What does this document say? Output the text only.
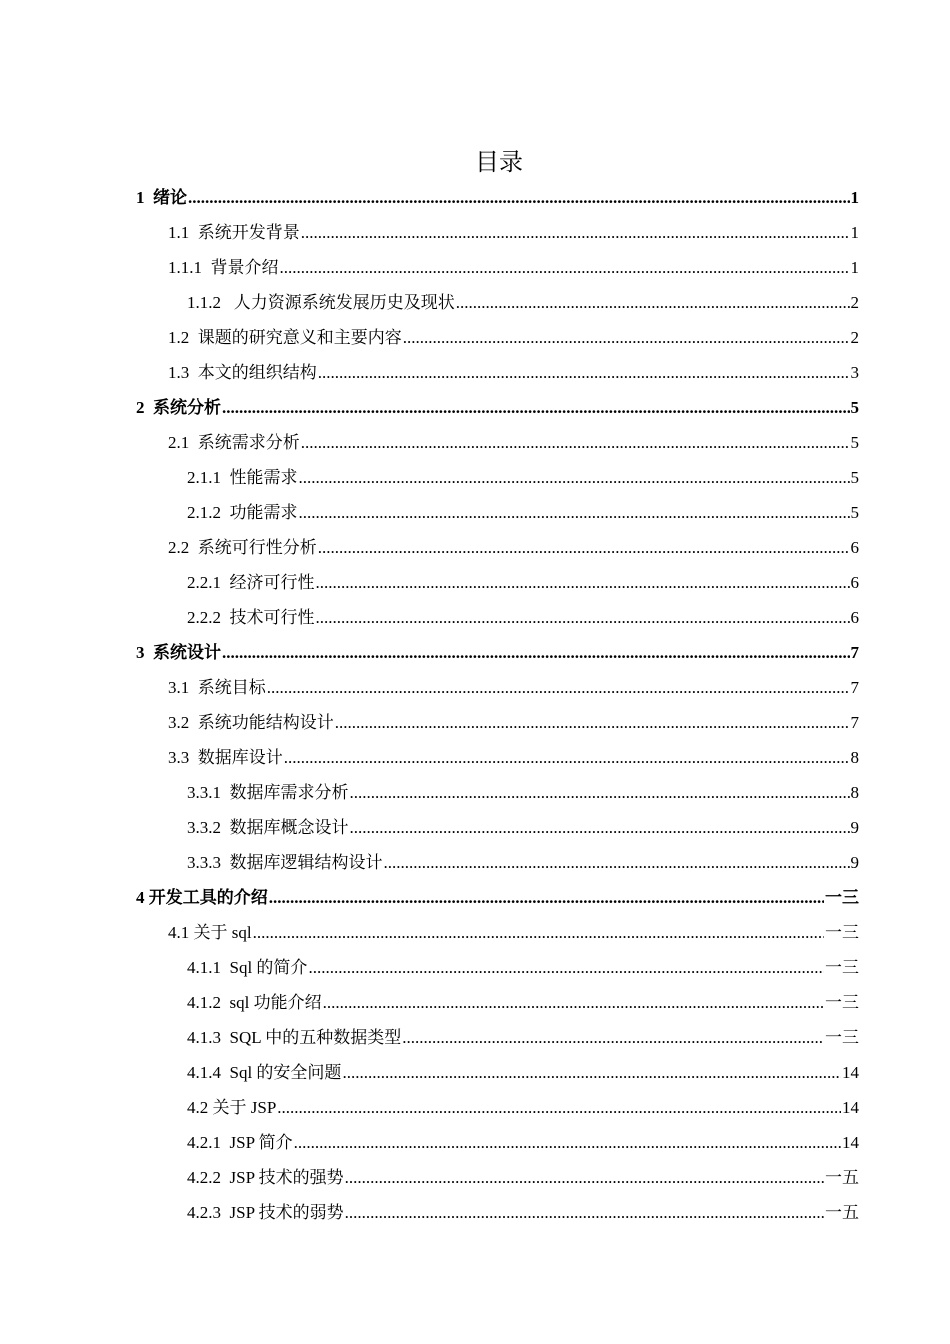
目录
1  绪论 .....	1
1.1  系统开发背景 .....	1
1.1.1  背景介绍 .....	1
1.1.2   人力资源系统发展历史及现状 .....	2
1.2  课题的研究意义和主要内容 .....	2
1.3  本文的组织结构 .....	3
2  系统分析 .....	5
2.1  系统需求分析 .....	5
2.1.1  性能需求 .....	5
2.1.2  功能需求 .....	5
2.2  系统可行性分析 .....	6
2.2.1  经济可行性 .....	6
2.2.2  技术可行性 .....	6
3  系统设计 .....	7
3.1  系统目标 .....	7
3.2  系统功能结构设计 .....	7
3.3  数据库设计 .....	8
3.3.1  数据库需求分析 .....	8
3.3.2  数据库概念设计 .....	9
3.3.3  数据库逻辑结构设计 .....	9
4 开发工具的介绍 .....	一三
4.1 关于 sql .....	一三
4.1.1  Sql 的简介 .....	一三
4.1.2  sql 功能介绍 .....	一三
4.1.3  SQL 中的五种数据类型 .....	一三
4.1.4  Sql 的安全问题 .....	14
4.2 关于 JSP .....	14
4.2.1  JSP 简介 .....	14
4.2.2  JSP 技术的强势 .....	一五
4.2.3  JSP 技术的弱势 .....	一五
